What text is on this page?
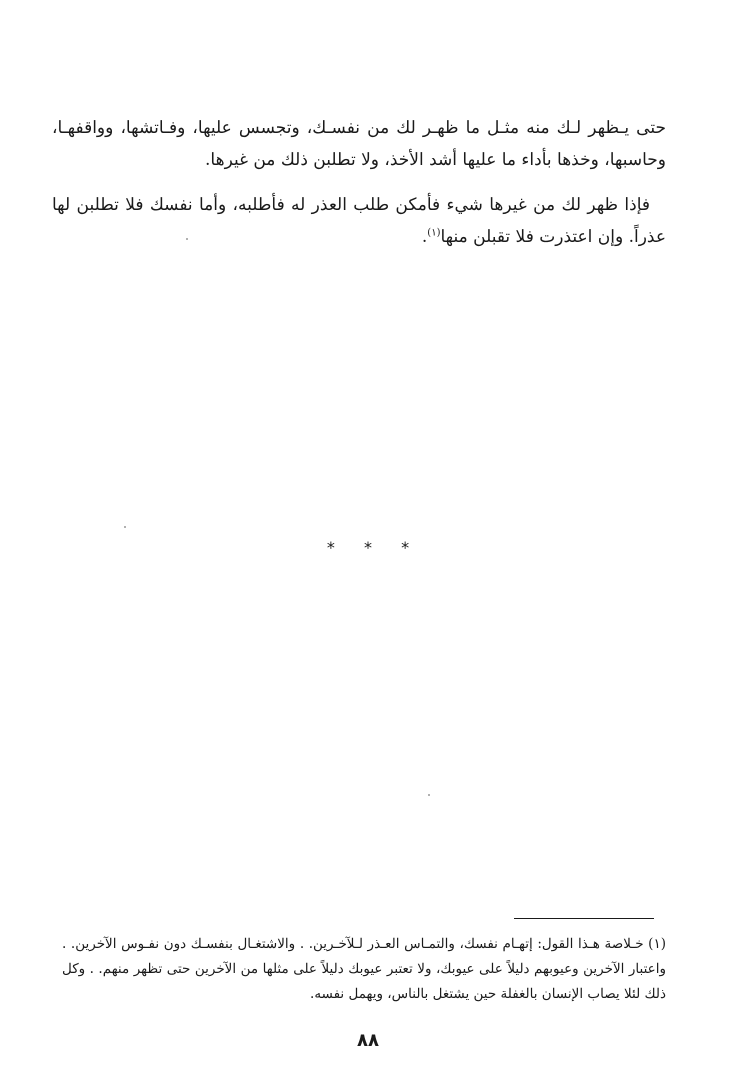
حتى يـظهر لـك منه مثـل ما ظهـر لك من نفسـك، وتجسس عليها، وفـاتشها، وواقفهـا، وحاسبها، وخذها بأداء ما عليها أشد الأخذ، ولا تطلبن ذلك من غيرها.

فإذا ظهر لك من غيرها شيء فأمكن طلب العذر له فأطلبه، وأما نفسك فلا تطلبن لها عذراً. وإن اعتذرت فلا تقبلن منها$^{(١)}$.

* * *

(١) خـلاصة هـذا القول: إتهـام نفسك، والتمـاس العـذر لـلآخـرين. . والاشتغـال بنفسـك دون نفـوس الآخرين. . واعتبار الآخرين وعيوبهم دليلاً على عيوبك، ولا تعتبر عيوبك دليلاً على مثلها من الآخرين حتى تظهر منهم. . وكل ذلك لئلا يصاب الإنسان بالغفلة حين يشتغل بالناس، ويهمل نفسه.

٨٨
